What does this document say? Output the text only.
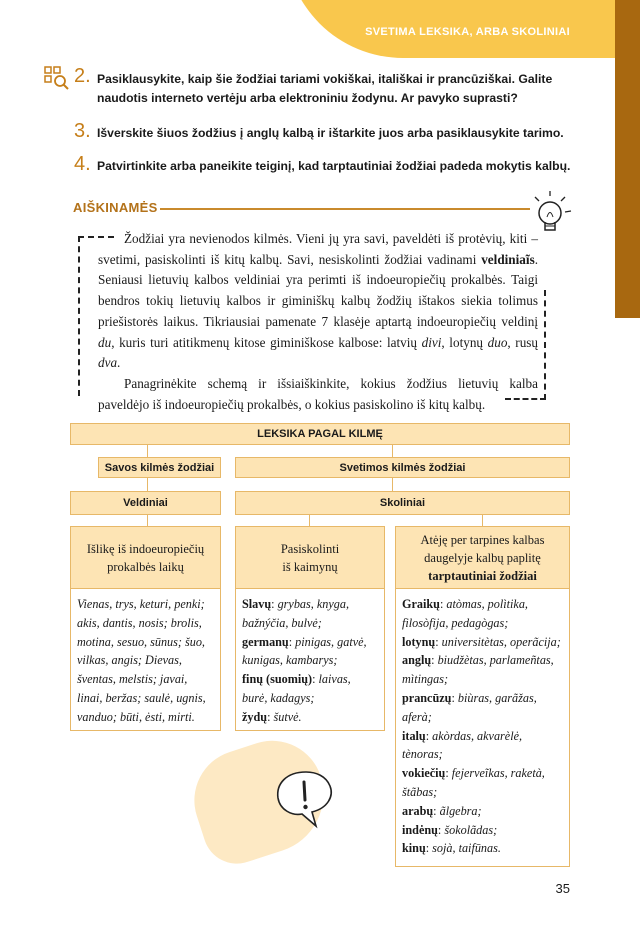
SVETIMA LEKSIKA, ARBA SKOLINIAI
2. Pasiklausykite, kaip šie žodžiai tariami vokiškai, itališkai ir prancūziškai. Galite naudotis interneto vertėju arba elektroniniu žodynu. Ar pavyko suprasti?
3. Išverskite šiuos žodžius į anglų kalbą ir ištarkite juos arba pasiklausykite tarimo.
4. Patvirtinkite arba paneikite teiginį, kad tarptautiniai žodžiai padeda mokytis kalbų.
AIŠKINAMĖS

Žodžiai yra nevienodos kilmės. Vieni jų yra savi, paveldėti iš protėvių, kiti – svetimi, pasiskolinti iš kitų kalbų. Savi, nesiskolinti žodžiai vadinami veldiniaĩs. Seniausi lietuvių kalbos veldiniai yra perimti iš indoeuropiečių prokalbės. Taigi bendros tokių lietuvių kalbos ir giminiškų kalbų žodžių ištakos siekia tolimus priešistorės laikus. Tikriausiai pamenate 7 klasėje aptartą indoeuropiečių veldinį du, kuris turi atitikmenų kitose giminiškose kalbose: latvių divi, lotynų duo, rusų dva.

Panagrinėkite schemą ir išsiaiškinkite, kokius žodžius lietuvių kalba paveldėjo iš indoeuropiečių prokalbės, o kokius pasiskolino iš kitų kalbų.

LEKSIKA PAGAL KILMĘ
Savos kilmės žodžiai	Svetimos kilmės žodžiai
Veldiniai	Skoliniai
Išlikę iš indoeuropiečių prokalbės laikų
Pasiskolinti
iš kaimynų
Atėję per tarpines kalbas daugelyje kalbų paplitę
tarptautiniai žodžiai
Vienas, trys, keturi, penki; akis, dantis, nosis; brolis, motina, sesuo, sūnus; šuo, vilkas, angis; Dievas, šventas, melstis; javai, linai, beržas; saulė, ugnis, vanduo; būti, ėsti, mirti.
Slavų: grybas, knyga, bažnýčia, bulvė;
germanų: pinigas, gatvė, kunigas, kambarys;
finų (suomių): laivas, burė, kadagys;
žydų: šutvė.
Graikų: atòmas, polìtika, filosòfija, pedagògas;
lotynų: universitètas, operãcija;
anglų: biudžètas, parlameñtas, mìtingas;
prancūzų: biùras, garãžas, aferà;
italų: akòrdas, akvarèlė, tènoras;
vokiečių: fejerveĩkas, raketà, štãbas;
arabų: ãlgebra;
indėnų: šokolãdas;
kinų: sojà, taifūnas.
35
